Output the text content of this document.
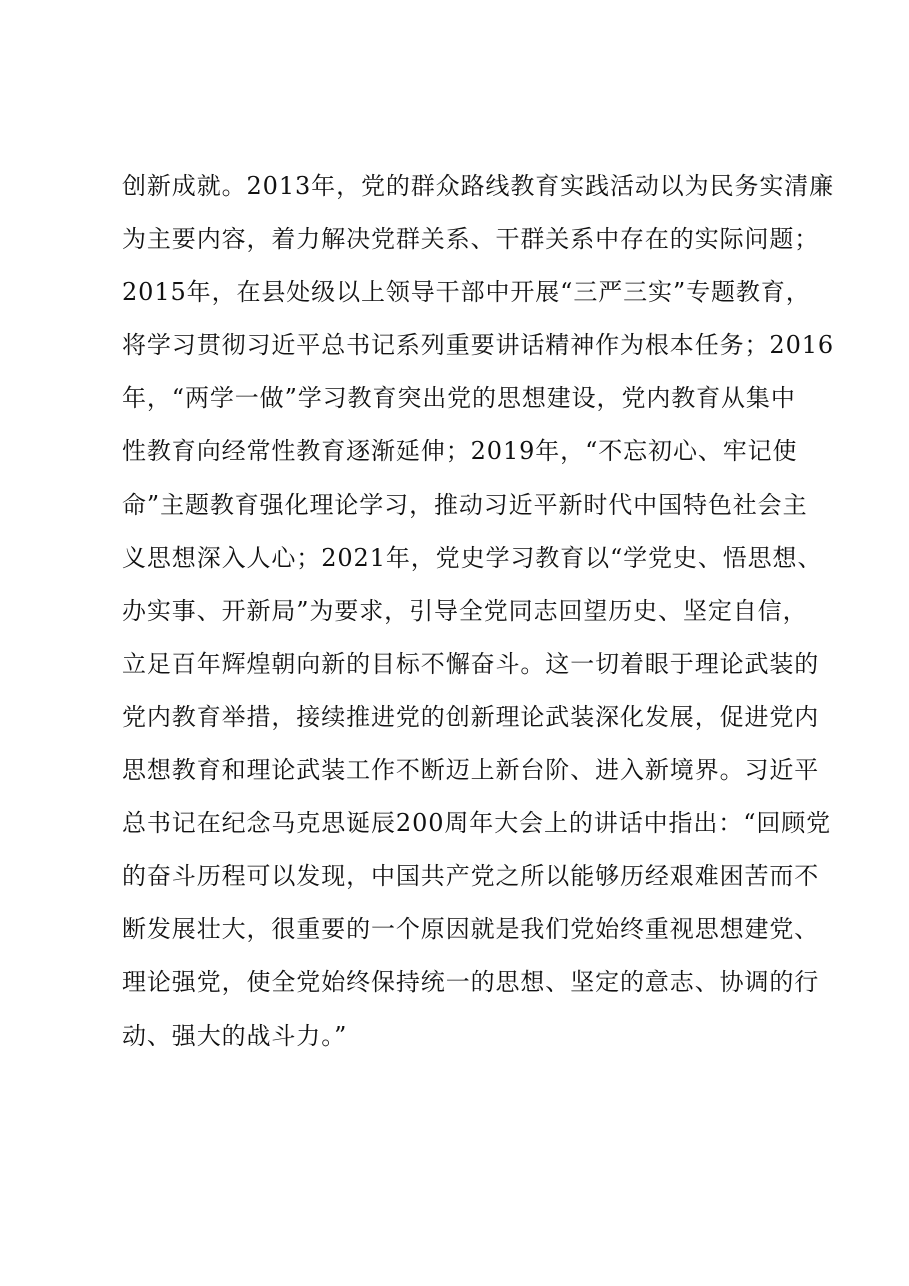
创新成就。2013年，党的群众路线教育实践活动以为民务实清廉
为主要内容，着力解决党群关系、干群关系中存在的实际问题；
2015年，在县处级以上领导干部中开展“三严三实”专题教育，
将学习贯彻习近平总书记系列重要讲话精神作为根本任务；2016
年，“两学一做”学习教育突出党的思想建设，党内教育从集中
性教育向经常性教育逐渐延伸；2019年，“不忘初心、牢记使
命”主题教育强化理论学习，推动习近平新时代中国特色社会主
义思想深入人心；2021年，党史学习教育以“学党史、悟思想、
办实事、开新局”为要求，引导全党同志回望历史、坚定自信，
立足百年辉煌朝向新的目标不懈奋斗。这一切着眼于理论武装的
党内教育举措，接续推进党的创新理论武装深化发展，促进党内
思想教育和理论武装工作不断迈上新台阶、进入新境界。习近平
总书记在纪念马克思诞辰200周年大会上的讲话中指出：“回顾党
的奋斗历程可以发现，中国共产党之所以能够历经艰难困苦而不
断发展壮大，很重要的一个原因就是我们党始终重视思想建党、
理论强党，使全党始终保持统一的思想、坚定的意志、协调的行
动、强大的战斗力。”
